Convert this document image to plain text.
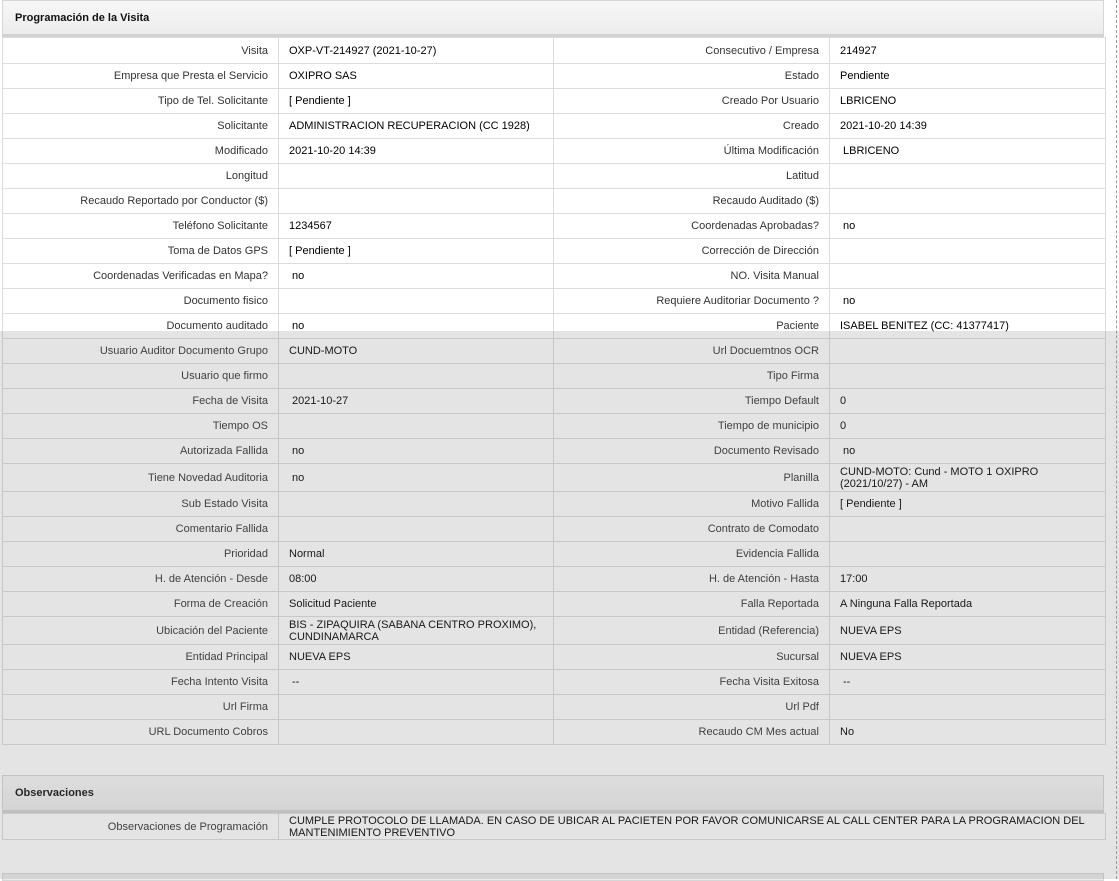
Programación de la Visita
Visita	OXP-VT-214927 (2021-10-27)	Consecutivo / Empresa	214927
Empresa que Presta el Servicio	OXIPRO SAS	Estado	Pendiente
Tipo de Tel. Solicitante	[ Pendiente ]	Creado Por Usuario	LBRICENO
Solicitante	ADMINISTRACION RECUPERACION (CC 1928)	Creado	2021-10-20 14:39
Modificado	2021-10-20 14:39	Última Modificación	LBRICENO
Longitud		Latitud	
Recaudo Reportado por Conductor ($)		Recaudo Auditado ($)	
Teléfono Solicitante	1234567	Coordenadas Aprobadas?	no
Toma de Datos GPS	[ Pendiente ]	Corrección de Dirección	
Coordenadas Verificadas en Mapa?	no	NO. Visita Manual	
Documento fisico		Requiere Auditoriar Documento ?	no
Documento auditado	no	Paciente	ISABEL BENITEZ (CC: 41377417)
Usuario Auditor Documento Grupo	CUND-MOTO	Url Docuemtnos OCR	
Usuario que firmo		Tipo Firma	
Fecha de Visita	2021-10-27	Tiempo Default	0
Tiempo OS		Tiempo de municipio	0
Autorizada Fallida	no	Documento Revisado	no
Tiene Novedad Auditoria	no	Planilla	CUND-MOTO: Cund - MOTO 1 OXIPRO (2021/10/27) - AM
Sub Estado Visita		Motivo Fallida	[ Pendiente ]
Comentario Fallida		Contrato de Comodato	
Prioridad	Normal	Evidencia Fallida	
H. de Atención - Desde	08:00	H. de Atención - Hasta	17:00
Forma de Creación	Solicitud Paciente	Falla Reportada	A Ninguna Falla Reportada
Ubicación del Paciente	BIS - ZIPAQUIRA (SABANA CENTRO PROXIMO), CUNDINAMARCA	Entidad (Referencia)	NUEVA EPS
Entidad Principal	NUEVA EPS	Sucursal	NUEVA EPS
Fecha Intento Visita	--	Fecha Visita Exitosa	--
Url Firma		Url Pdf	
URL Documento Cobros		Recaudo CM Mes actual	No
Observaciones
Observaciones de Programación	CUMPLE PROTOCOLO DE LLAMADA. EN CASO DE UBICAR AL PACIETEN POR FAVOR COMUNICARSE AL CALL CENTER PARA LA PROGRAMACION DEL MANTENIMIENTO PREVENTIVO
